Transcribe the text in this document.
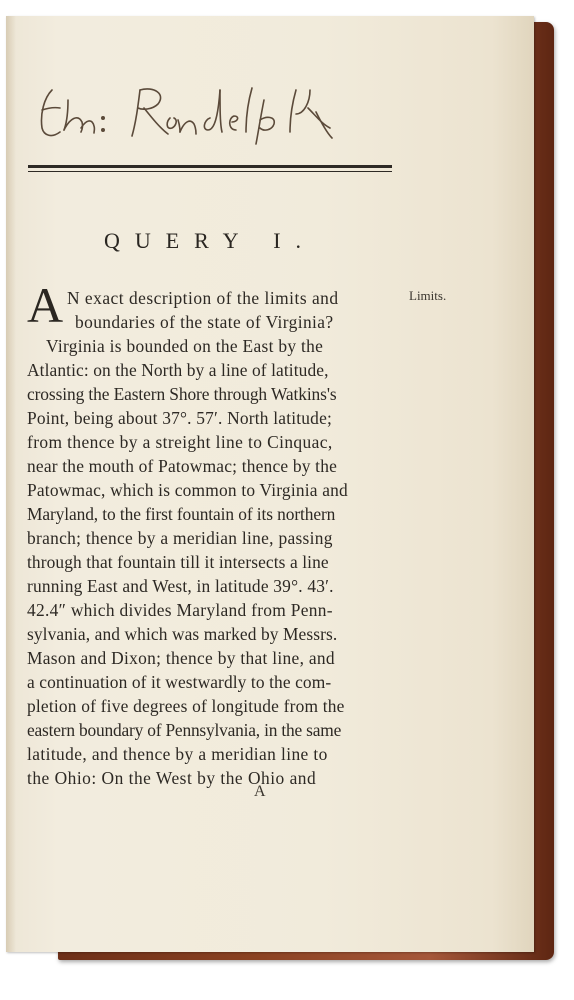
QUERY I.
Limits.
A N exact description of the limits and
boundaries of the state of Virginia?
Virginia is bounded on the East by the
Atlantic: on the North by a line of latitude,
crossing the Eastern Shore through Watkins's
Point, being about 37°. 57′. North latitude;
from thence by a streight line to Cinquac,
near the mouth of Patowmac; thence by the
Patowmac, which is common to Virginia and
Maryland, to the first fountain of its northern
branch; thence by a meridian line, passing
through that fountain till it intersects a line
running East and West, in latitude 39°. 43′.
42.4″ which divides Maryland from Penn-
sylvania, and which was marked by Messrs.
Mason and Dixon; thence by that line, and
a continuation of it westwardly to the com-
pletion of five degrees of longitude from the
eastern boundary of Pennsylvania, in the same
latitude, and thence by a meridian line to
the Ohio: On the West by the Ohio and
A
